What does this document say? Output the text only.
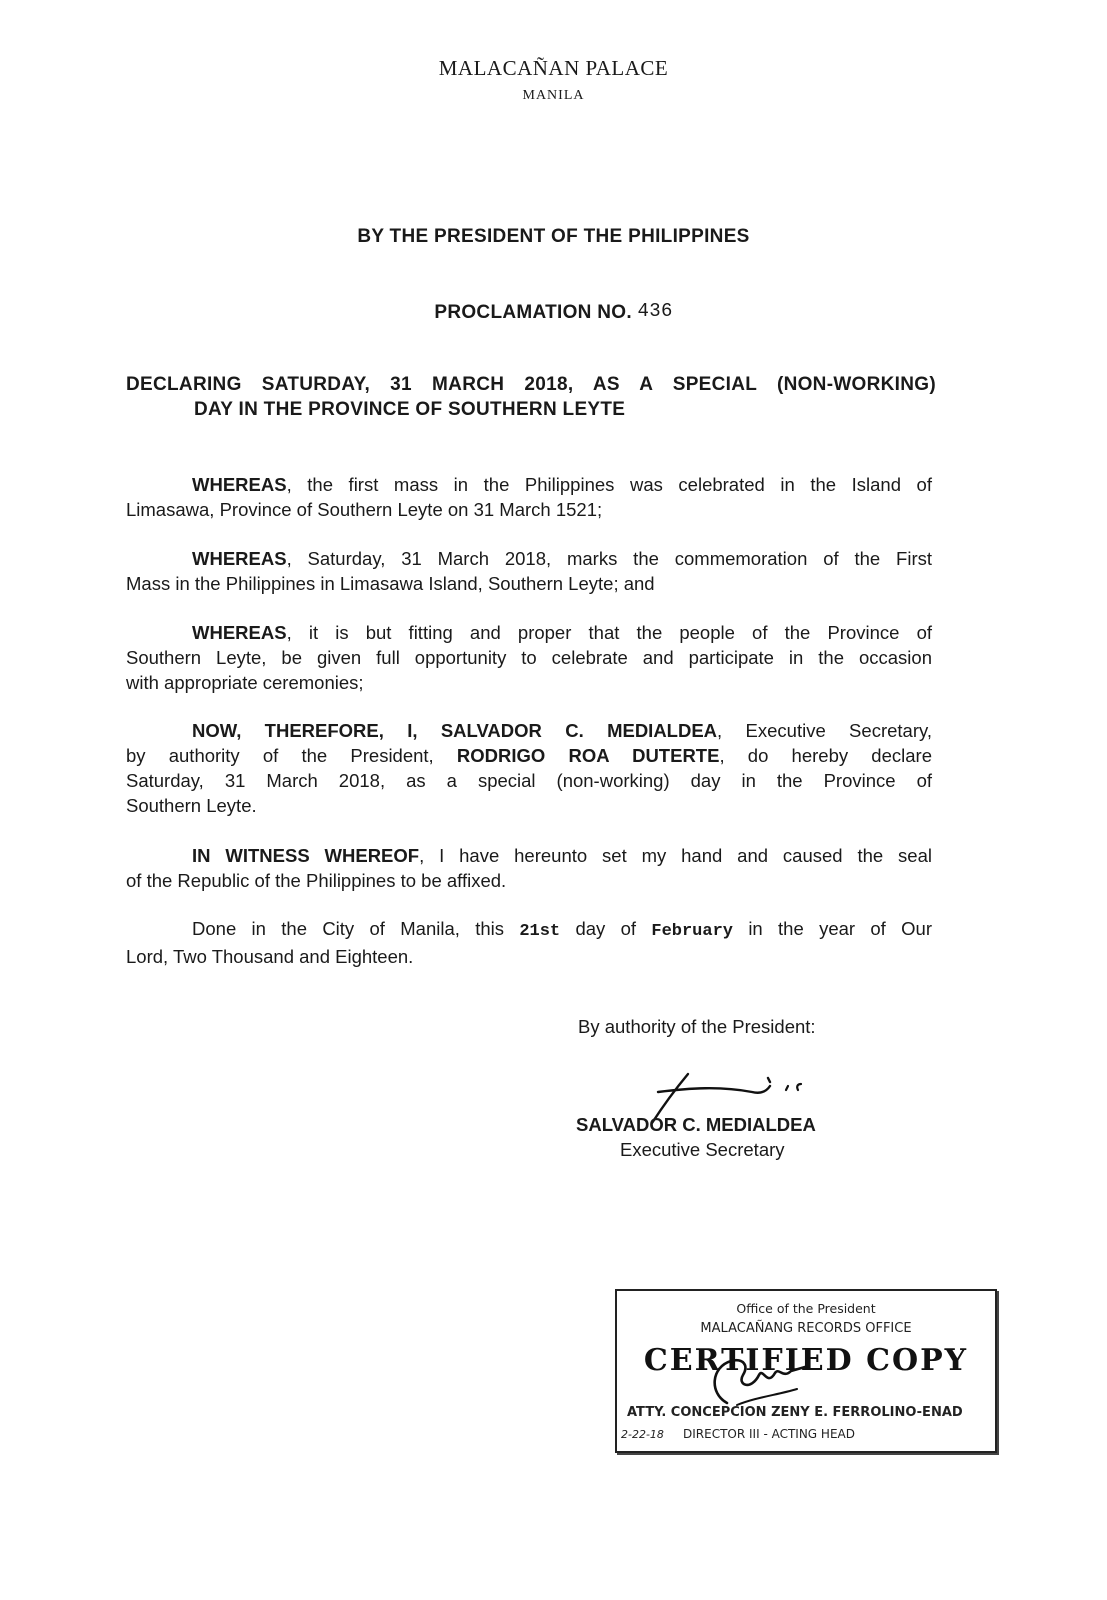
MALACAÑAN PALACE
MANILA
BY THE PRESIDENT OF THE PHILIPPINES
PROCLAMATION NO. 436
DECLARING SATURDAY, 31 MARCH 2018, AS A SPECIAL (NON-WORKING)
DAY IN THE PROVINCE OF SOUTHERN LEYTE
WHEREAS, the first mass in the Philippines was celebrated in the Island of
Limasawa, Province of Southern Leyte on 31 March 1521;
WHEREAS, Saturday, 31 March 2018, marks the commemoration of the First
Mass in the Philippines in Limasawa Island, Southern Leyte; and
WHEREAS, it is but fitting and proper that the people of the Province of
Southern Leyte, be given full opportunity to celebrate and participate in the occasion
with appropriate ceremonies;
NOW, THEREFORE, I, SALVADOR C. MEDIALDEA, Executive Secretary,
by authority of the President, RODRIGO ROA DUTERTE, do hereby declare
Saturday, 31 March 2018, as a special (non-working) day in the Province of
Southern Leyte.
IN WITNESS WHEREOF, I have hereunto set my hand and caused the seal
of the Republic of the Philippines to be affixed.
Done in the City of Manila, this 21st day of February in the year of Our
Lord, Two Thousand and Eighteen.
By authority of the President:
SALVADOR C. MEDIALDEA
Executive Secretary
Office of the President
MALACAÑANG RECORDS OFFICE
CERTIFIED COPY
ATTY. CONCEPCION ZENY E. FERROLINO-ENAD
2-22-18 DIRECTOR III - ACTING HEAD
